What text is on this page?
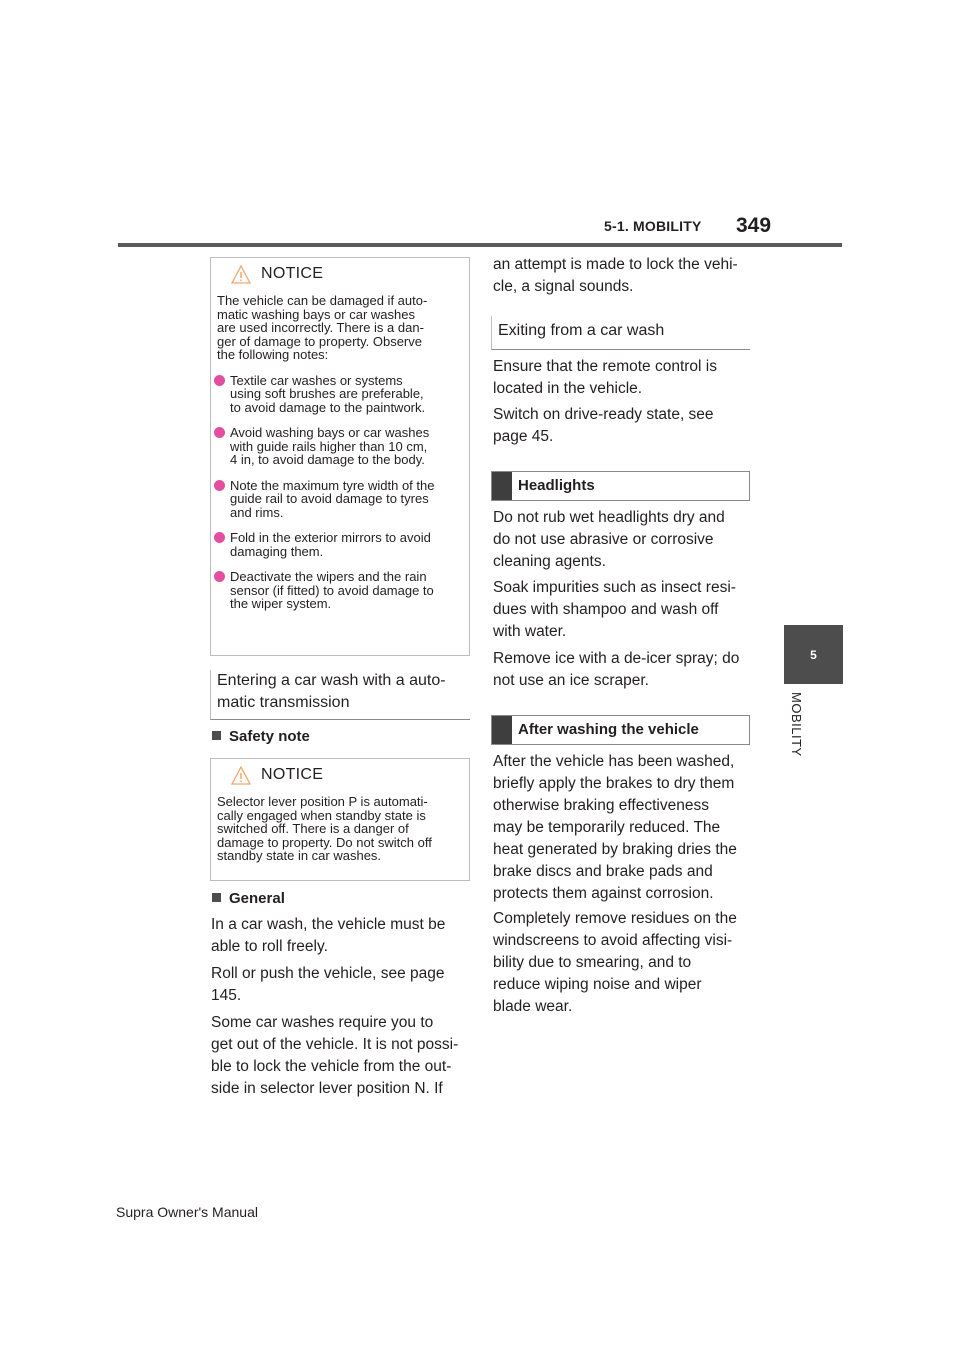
5-1. MOBILITY 349
5
MOBILITY
NOTICE
The vehicle can be damaged if auto-
matic washing bays or car washes
are used incorrectly. There is a dan-
ger of damage to property. Observe
the following notes:
Textile car washes or systems
using soft brushes are preferable,
to avoid damage to the paintwork.
Avoid washing bays or car washes
with guide rails higher than 10 cm,
4 in, to avoid damage to the body.
Note the maximum tyre width of the
guide rail to avoid damage to tyres
and rims.
Fold in the exterior mirrors to avoid
damaging them.
Deactivate the wipers and the rain
sensor (if fitted) to avoid damage to
the wiper system.
Entering a car wash with a auto-
matic transmission
Safety note
NOTICE
Selector lever position P is automati-
cally engaged when standby state is
switched off. There is a danger of
damage to property. Do not switch off
standby state in car washes.
General
In a car wash, the vehicle must be
able to roll freely.
Roll or push the vehicle, see page
145.
Some car washes require you to
get out of the vehicle. It is not possi-
ble to lock the vehicle from the out-
side in selector lever position N. If
an attempt is made to lock the vehi-
cle, a signal sounds.
Exiting from a car wash
Ensure that the remote control is
located in the vehicle.
Switch on drive-ready state, see
page 45.
Headlights
Do not rub wet headlights dry and
do not use abrasive or corrosive
cleaning agents.
Soak impurities such as insect resi-
dues with shampoo and wash off
with water.
Remove ice with a de-icer spray; do
not use an ice scraper.
After washing the vehicle
After the vehicle has been washed,
briefly apply the brakes to dry them
otherwise braking effectiveness
may be temporarily reduced. The
heat generated by braking dries the
brake discs and brake pads and
protects them against corrosion.
Completely remove residues on the
windscreens to avoid affecting visi-
bility due to smearing, and to
reduce wiping noise and wiper
blade wear.
Supra Owner's Manual
